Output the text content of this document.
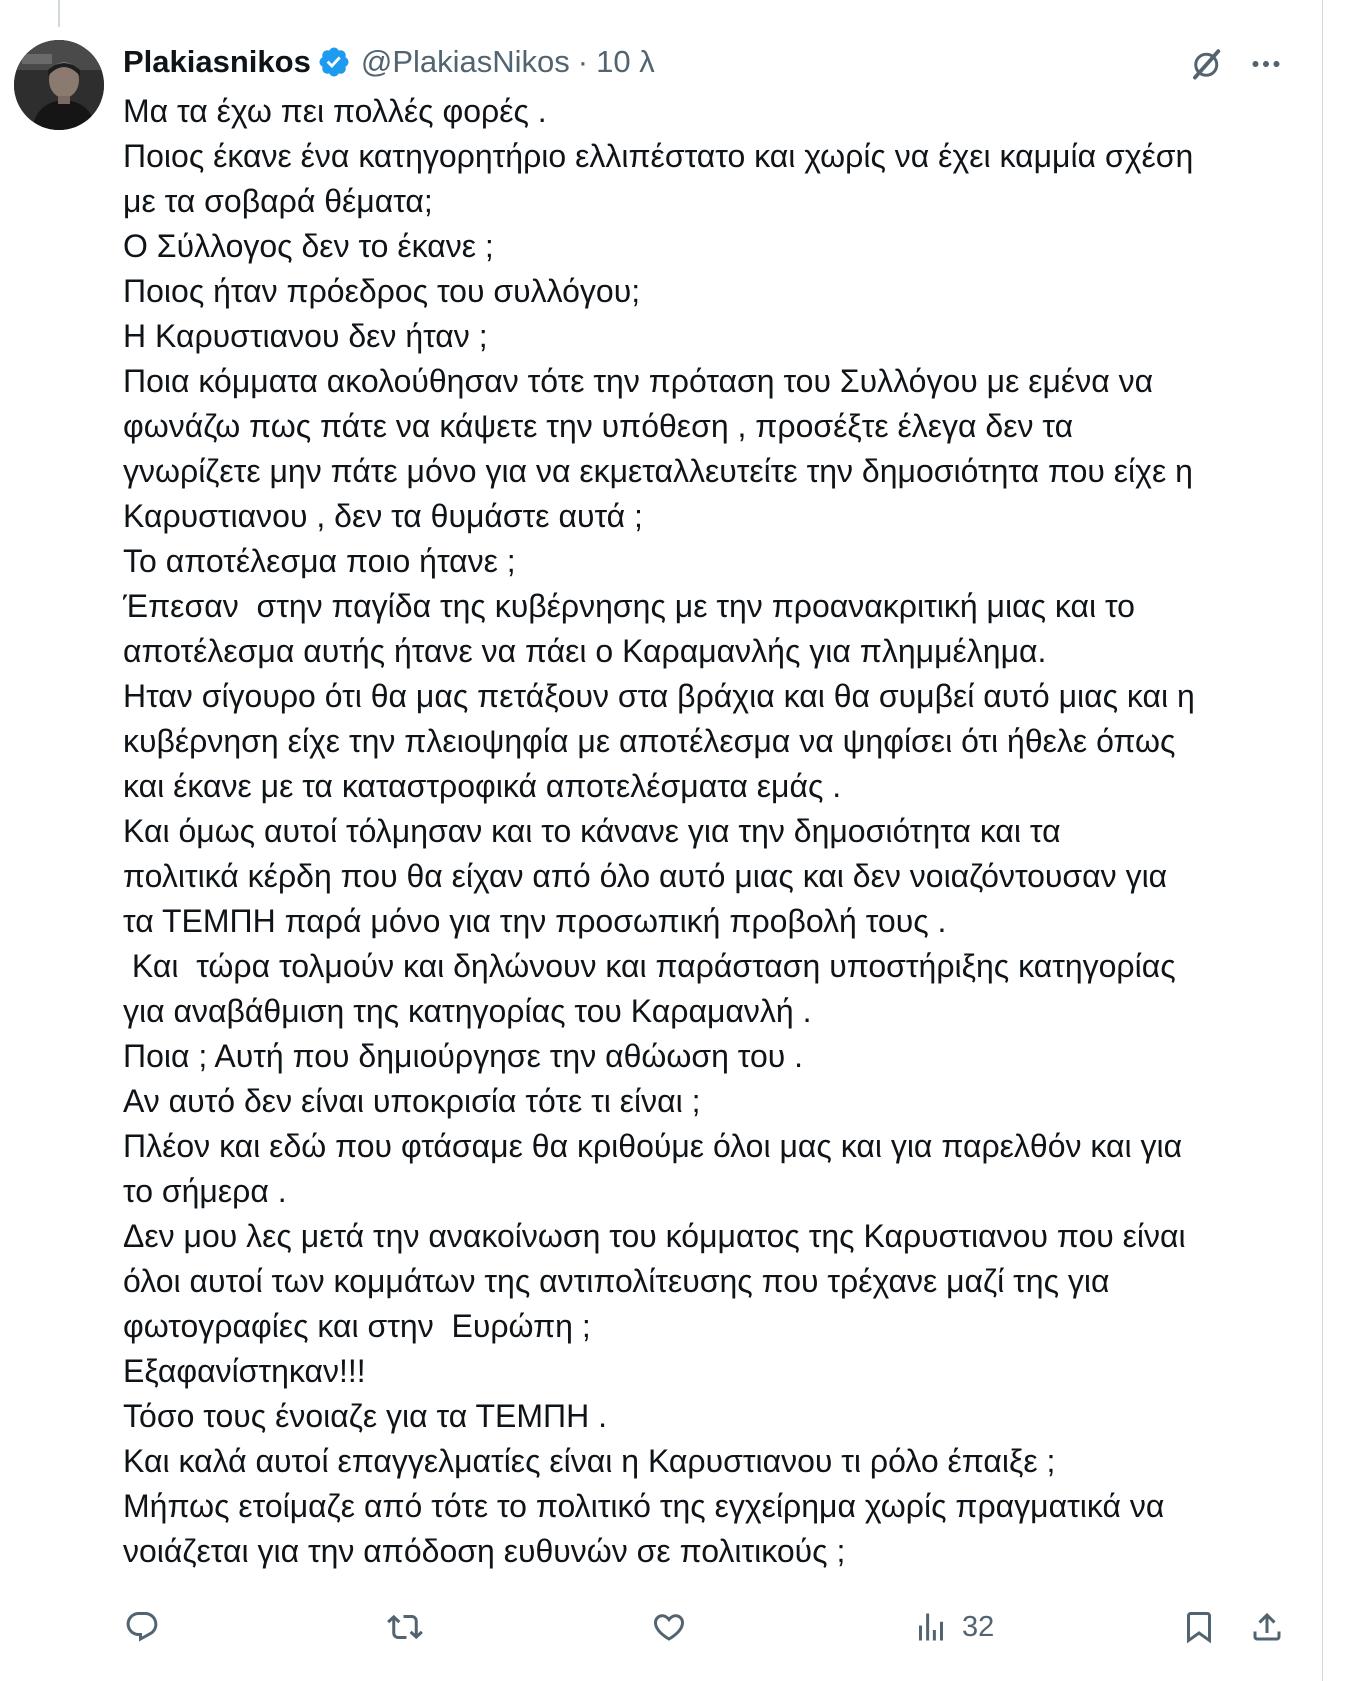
Plakiasnikos @PlakiasNikos · 10 λ
Μα τα έχω πει πολλές φορές .
Ποιος έκανε ένα κατηγορητήριο ελλιπέστατο και χωρίς να έχει καμμία σχέση
με τα σοβαρά θέματα;
Ο Σύλλογος δεν το έκανε ;
Ποιος ήταν πρόεδρος του συλλόγου;
Η Καρυστιανου δεν ήταν ;
Ποια κόμματα ακολούθησαν τότε την πρόταση του Συλλόγου με εμένα να
φωνάζω πως πάτε να κάψετε την υπόθεση , προσέξτε έλεγα δεν τα
γνωρίζετε μην πάτε μόνο για να εκμεταλλευτείτε την δημοσιότητα που είχε η
Καρυστιανου , δεν τα θυμάστε αυτά ;
Το αποτέλεσμα ποιο ήτανε ;
Έπεσαν  στην παγίδα της κυβέρνησης με την προανακριτική μιας και το
αποτέλεσμα αυτής ήτανε να πάει ο Καραμανλής για πλημμέλημα.
Ηταν σίγουρο ότι θα μας πετάξουν στα βράχια και θα συμβεί αυτό μιας και η
κυβέρνηση είχε την πλειοψηφία με αποτέλεσμα να ψηφίσει ότι ήθελε όπως
και έκανε με τα καταστροφικά αποτελέσματα εμάς .
Και όμως αυτοί τόλμησαν και το κάνανε για την δημοσιότητα και τα
πολιτικά κέρδη που θα είχαν από όλο αυτό μιας και δεν νοιαζόντουσαν για
τα ΤΕΜΠΗ παρά μόνο για την προσωπική προβολή τους .
Και  τώρα τολμούν και δηλώνουν και παράσταση υποστήριξης κατηγορίας
για αναβάθμιση της κατηγορίας του Καραμανλή .
Ποια ; Αυτή που δημιούργησε την αθώωση του .
Αν αυτό δεν είναι υποκρισία τότε τι είναι ;
Πλέον και εδώ που φτάσαμε θα κριθούμε όλοι μας και για παρελθόν και για
το σήμερα .
Δεν μου λες μετά την ανακοίνωση του κόμματος της Καρυστιανου που είναι
όλοι αυτοί των κομμάτων της αντιπολίτευσης που τρέχανε μαζί της για
φωτογραφίες και στην  Ευρώπη ;
Εξαφανίστηκαν!!!
Τόσο τους ένοιαζε για τα ΤΕΜΠΗ .
Και καλά αυτοί επαγγελματίες είναι η Καρυστιανου τι ρόλο έπαιξε ;
Μήπως ετοίμαζε από τότε το πολιτικό της εγχείρημα χωρίς πραγματικά να
νοιάζεται για την απόδοση ευθυνών σε πολιτικούς ;
32
